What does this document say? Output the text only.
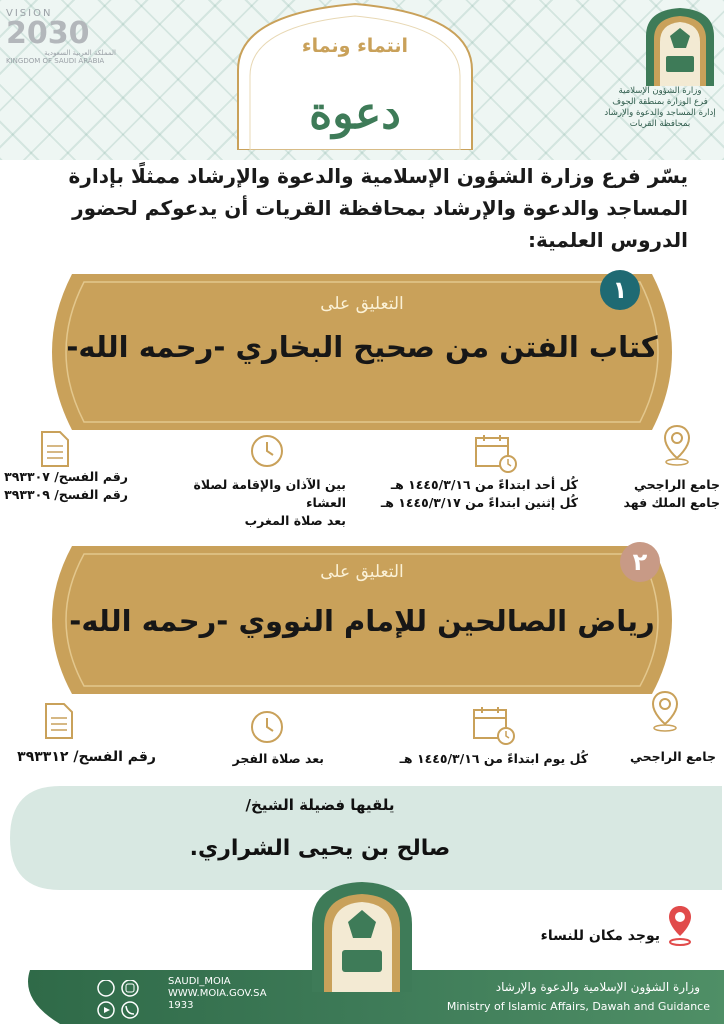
انتماء ونماء
دعوة
VISION
2030
المملكة العربية السعودية
KINGDOM OF SAUDI ARABIA
وزارة الشؤون الإسلامية
فرع الوزارة بمنطقة الجوف
إدارة المساجد والدعوة والإرشاد
بمحافظة القريات
يسّر فرع وزارة الشؤون الإسلامية والدعوة والإرشاد ممثلًا بإدارة
المساجد والدعوة والإرشاد بمحافظة القريات أن يدعوكم لحضور
الدروس العلمية:
١
التعليق على
كتاب الفتن من صحيح البخاري -رحمه الله-
جامع الراجحي
جامع الملك فهد
كُل أحد ابتداءً من ١٤٤٥/٣/١٦ هـ
كُل إثنين ابتداءً من ١٤٤٥/٣/١٧ هـ
بين الآذان والإقامة لصلاة العشاء
بعد صلاة المغرب
رقم الفسح/ ٣٩٣٣٠٧
رقم الفسح/ ٣٩٣٣٠٩
٢
التعليق على
رياض الصالحين للإمام النووي -رحمه الله-
جامع الراجحي
كُل يوم ابتداءً من ١٤٤٥/٣/١٦ هـ
بعد صلاة الفجر
رقم الفسح/ ٣٩٣٣١٢
يلقيها فضيلة الشيخ/
صالح بن يحيى الشراري.
يوجد مكان للنساء
SAUDI_MOIA
WWW.MOIA.GOV.SA
1933
وزارة الشؤون الإسلامية والدعوة والإرشاد
Ministry of Islamic Affairs, Dawah and Guidance
